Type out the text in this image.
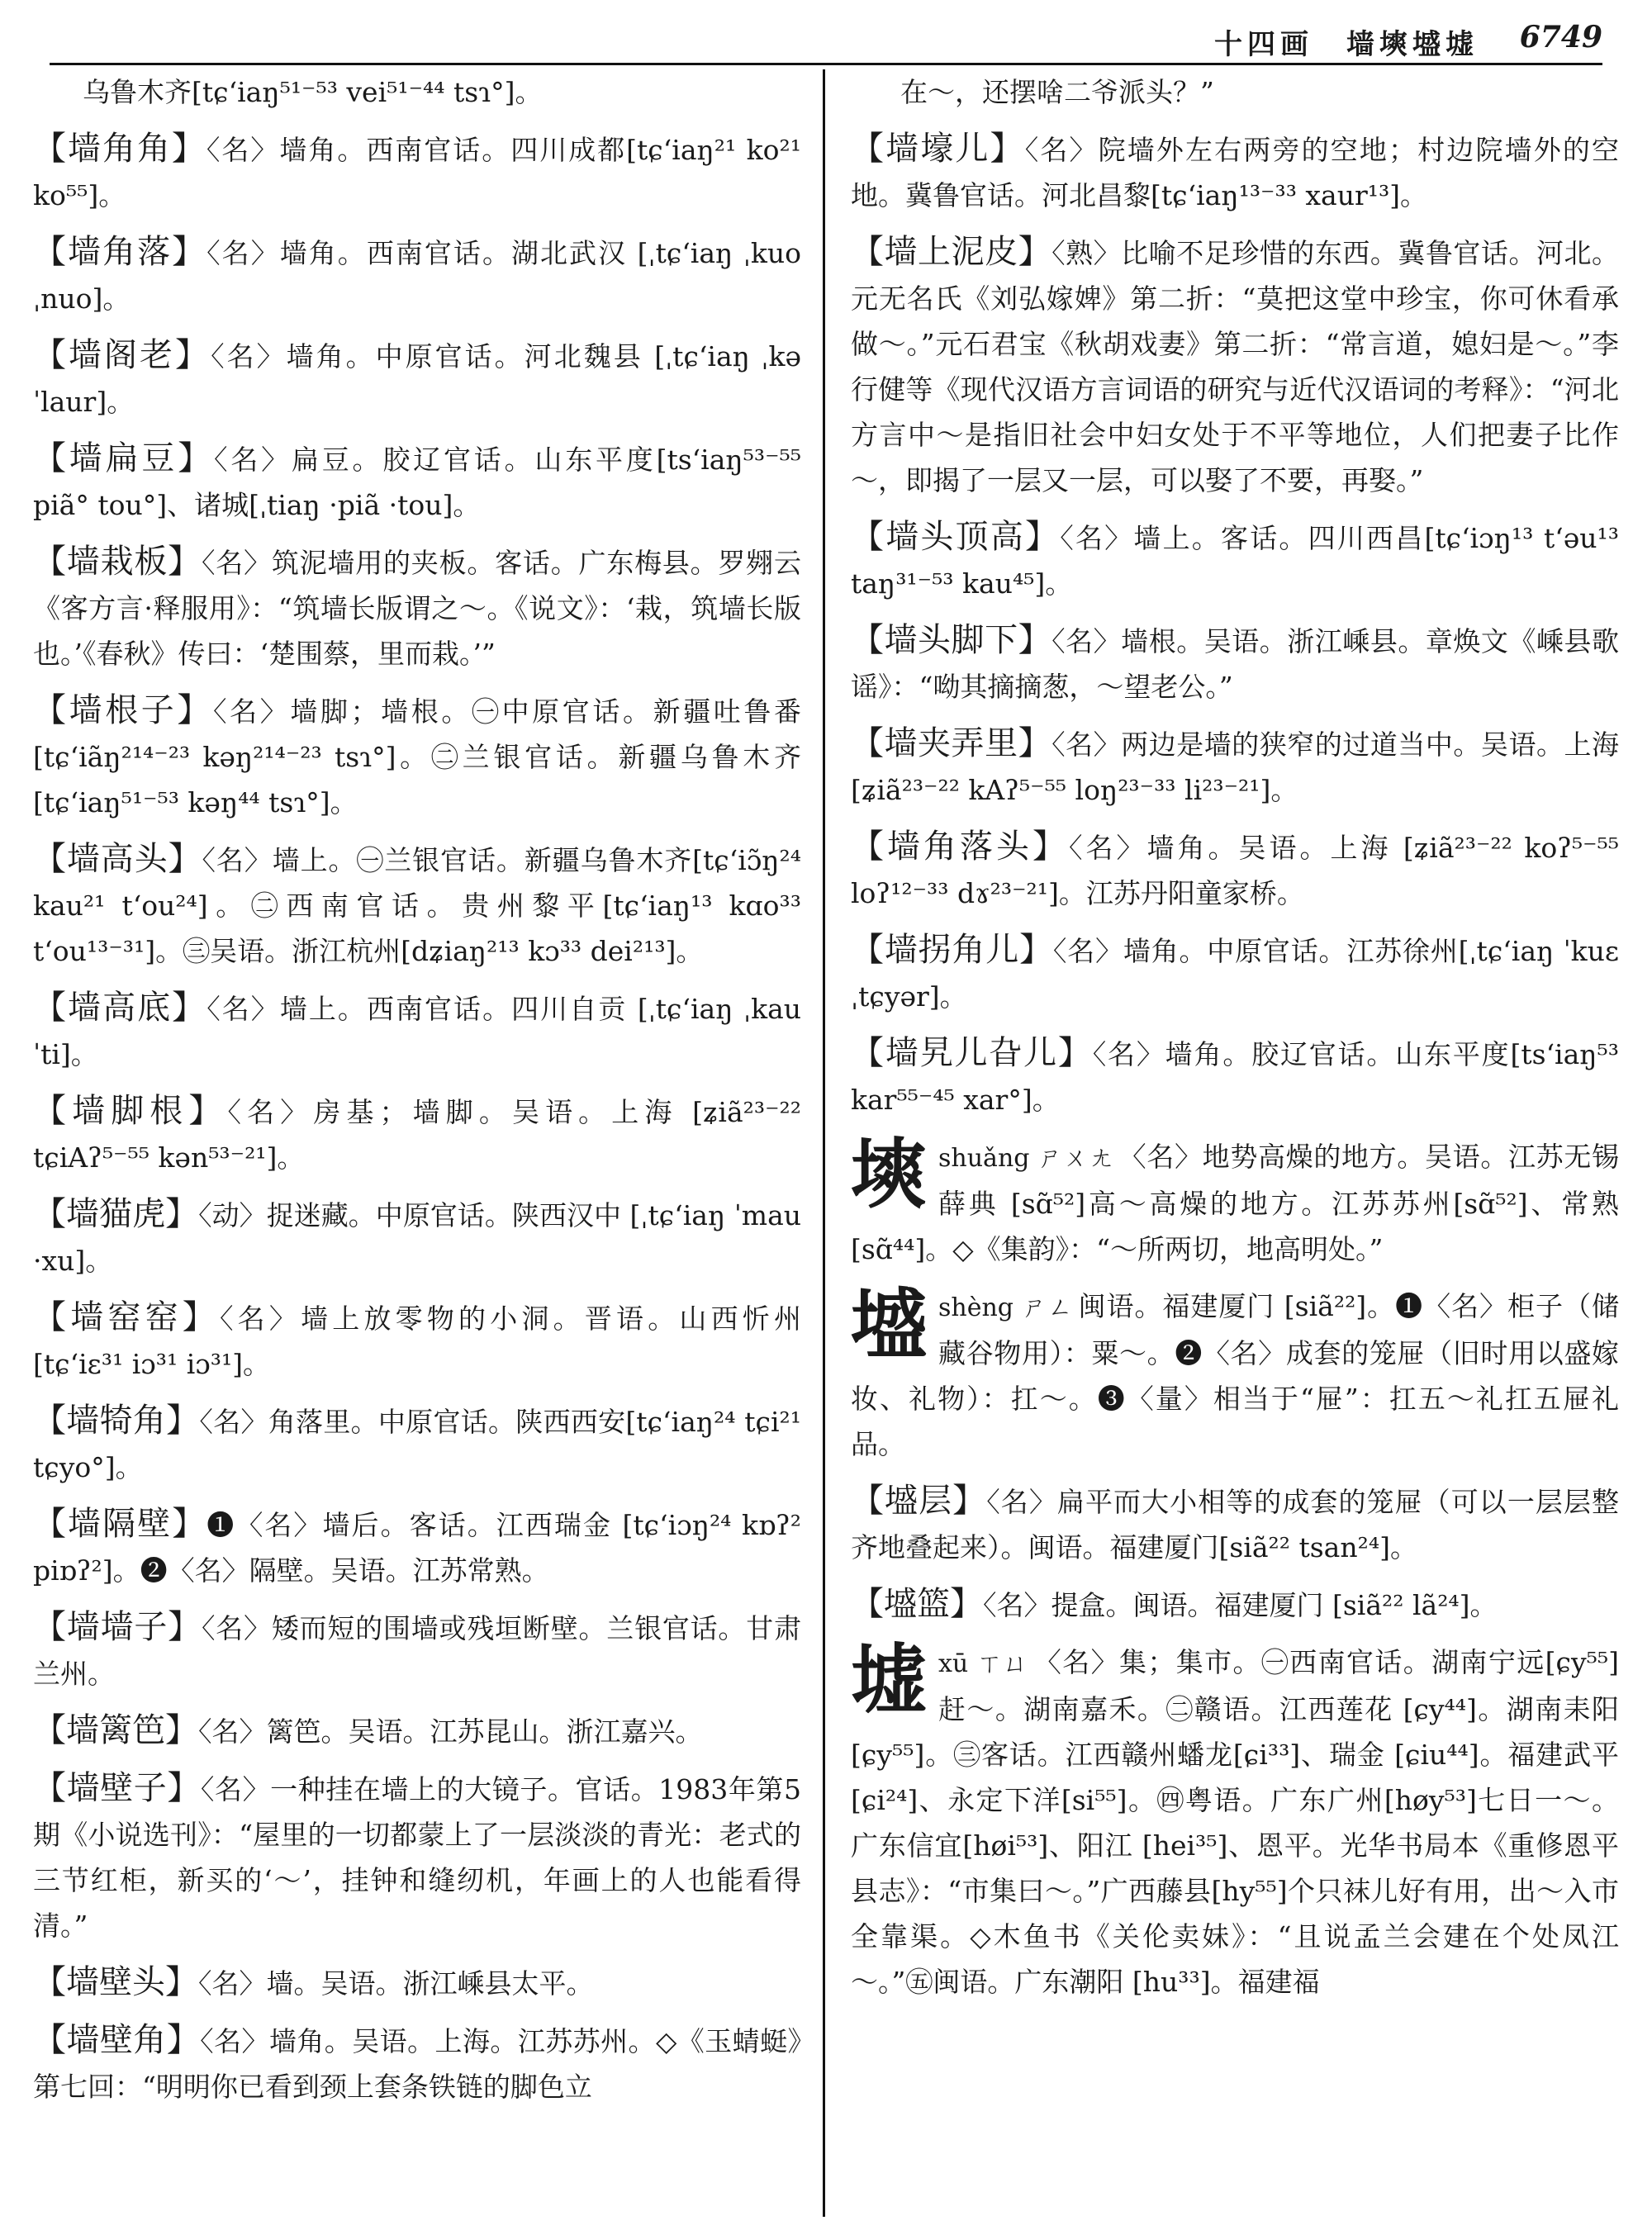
十四画　墙塽墭墟 6749
乌鲁木齐[tɕʻiaŋ⁵¹⁻⁵³ vei⁵¹⁻⁴⁴ tsɿ°]。
【墙角角】〈名〉墙角。西南官话。四川成都[tɕʻiaŋ²¹ ko²¹ ko⁵⁵]。
【墙角落】〈名〉墙角。西南官话。湖北武汉 [ˌtɕʻiaŋ ˌkuo ˌnuo]。
【墙阁老】〈名〉墙角。中原官话。河北魏县 [ˌtɕʻiaŋ ˌkə ˈlaur]。
【墙扁豆】〈名〉扁豆。胶辽官话。山东平度[tsʻiaŋ⁵³⁻⁵⁵ piã° tou°]、诸城[ˌtiaŋ ·piã ·tou]。
【墙栽板】〈名〉筑泥墙用的夹板。客话。广东梅县。罗翙云《客方言·释服用》：“筑墙长版谓之～。《说文》：‘栽，筑墙长版也。’《春秋》传曰：‘楚围蔡，里而栽。’”
【墙根子】〈名〉墙脚；墙根。㊀中原官话。新疆吐鲁番[tɕʻiãŋ²¹⁴⁻²³ kəŋ²¹⁴⁻²³ tsɿ°]。㊁兰银官话。新疆乌鲁木齐[tɕʻiaŋ⁵¹⁻⁵³ kəŋ⁴⁴ tsɿ°]。
【墙高头】〈名〉墙上。㊀兰银官话。新疆乌鲁木齐[tɕʻiɔ̃ŋ²⁴ kau²¹ tʻou²⁴]。㊁西南官话。贵州黎平[tɕʻiaŋ¹³ kɑo³³ tʻou¹³⁻³¹]。㊂吴语。浙江杭州[dʑiaŋ²¹³ kɔ³³ dei²¹³]。
【墙高底】〈名〉墙上。西南官话。四川自贡 [ˌtɕʻiaŋ ˌkau ˈti]。
【墙脚根】〈名〉房基；墙脚。吴语。上海 [ʑiã²³⁻²² tɕiAʔ⁵⁻⁵⁵ kən⁵³⁻²¹]。
【墙猫虎】〈动〉捉迷藏。中原官话。陕西汉中 [ˌtɕʻiaŋ ˈmau ·xu]。
【墙窑窑】〈名〉墙上放零物的小洞。晋语。山西忻州 [tɕʻiɛ³¹ iɔ³¹ iɔ³¹]。
【墙犄角】〈名〉角落里。中原官话。陕西西安[tɕʻiaŋ²⁴ tɕi²¹ tɕyo°]。
【墙隔壁】❶〈名〉墙后。客话。江西瑞金 [tɕʻiɔŋ²⁴ kɒʔ² piɒʔ²]。❷〈名〉隔壁。吴语。江苏常熟。
【墙墙子】〈名〉矮而短的围墙或残垣断壁。兰银官话。甘肃兰州。
【墙篱笆】〈名〉篱笆。吴语。江苏昆山。浙江嘉兴。
【墙壁子】〈名〉一种挂在墙上的大镜子。官话。1983年第5期《小说选刊》：“屋里的一切都蒙上了一层淡淡的青光：老式的三节红柜，新买的‘～’，挂钟和缝纫机，年画上的人也能看得清。”
【墙壁头】〈名〉墙。吴语。浙江嵊县太平。
【墙壁角】〈名〉墙角。吴语。上海。江苏苏州。◇《玉蜻蜓》第七回：“明明你已看到颈上套条铁链的脚色立
在～，还摆啥二爷派头？”
【墙壕儿】〈名〉院墙外左右两旁的空地；村边院墙外的空地。冀鲁官话。河北昌黎[tɕʻiaŋ¹³⁻³³ xaur¹³]。
【墙上泥皮】〈熟〉比喻不足珍惜的东西。冀鲁官话。河北。元无名氏《刘弘嫁婢》第二折：“莫把这堂中珍宝，你可休看承做～。”元石君宝《秋胡戏妻》第二折：“常言道，媳妇是～。”李行健等《现代汉语方言词语的研究与近代汉语词的考释》：“河北方言中～是指旧社会中妇女处于不平等地位，人们把妻子比作～，即揭了一层又一层，可以娶了不要，再娶。”
【墙头顶高】〈名〉墙上。客话。四川西昌[tɕʻiɔŋ¹³ tʻəu¹³ taŋ³¹⁻⁵³ kau⁴⁵]。
【墙头脚下】〈名〉墙根。吴语。浙江嵊县。章焕文《嵊县歌谣》：“呦其摘摘葱，～望老公。”
【墙夹弄里】〈名〉两边是墙的狭窄的过道当中。吴语。上海[ʑiã²³⁻²² kAʔ⁵⁻⁵⁵ loŋ²³⁻³³ li²³⁻²¹]。
【墙角落头】〈名〉墙角。吴语。上海 [ʑiã²³⁻²² koʔ⁵⁻⁵⁵ loʔ¹²⁻³³ dɤ²³⁻²¹]。江苏丹阳童家桥。
【墙拐角儿】〈名〉墙角。中原官话。江苏徐州[ˌtɕʻiaŋ ˈkuɛ ˌtɕyər]。
【墙旯儿旮儿】〈名〉墙角。胶辽官话。山东平度[tsʻiaŋ⁵³ kar⁵⁵⁻⁴⁵ xar°]。
塽shuǎng ㄕㄨㄤ 〈名〉地势高燥的地方。吴语。江苏无锡薛典 [sɑ̃⁵²]高～高燥的地方。江苏苏州[sɑ̃⁵²]、常熟 [sɑ̃⁴⁴]。◇《集韵》：“～所两切，地高明处。”
墭shèng ㄕㄥ 闽语。福建厦门 [siã²²]。❶〈名〉柜子（储藏谷物用）：粟～。❷〈名〉成套的笼屉（旧时用以盛嫁妆、礼物）：扛～。❸〈量〉相当于“屉”：扛五～礼扛五屉礼品。
【墭层】〈名〉扁平而大小相等的成套的笼屉（可以一层层整齐地叠起来）。闽语。福建厦门[siã²² tsan²⁴]。
【墭篮】〈名〉提盒。闽语。福建厦门 [siã²² lã²⁴]。
墟xū ㄒㄩ 〈名〉集；集市。㊀西南官话。湖南宁远[ɕy⁵⁵]赶～。湖南嘉禾。㊁赣语。江西莲花 [ɕy⁴⁴]。湖南耒阳 [ɕy⁵⁵]。㊂客话。江西赣州蟠龙[ɕi³³]、瑞金 [ɕiu⁴⁴]。福建武平 [ɕi²⁴]、永定下洋[si⁵⁵]。㊃粤语。广东广州[høy⁵³]七日一～。广东信宜[høi⁵³]、阳江 [hei³⁵]、恩平。光华书局本《重修恩平县志》：“市集曰～。”广西藤县[hy⁵⁵]个只袜儿好有用，出～入市全靠渠。◇木鱼书《关伦卖妹》：“且说孟兰会建在个处凤江～。”㊄闽语。广东潮阳 [hu³³]。福建福
